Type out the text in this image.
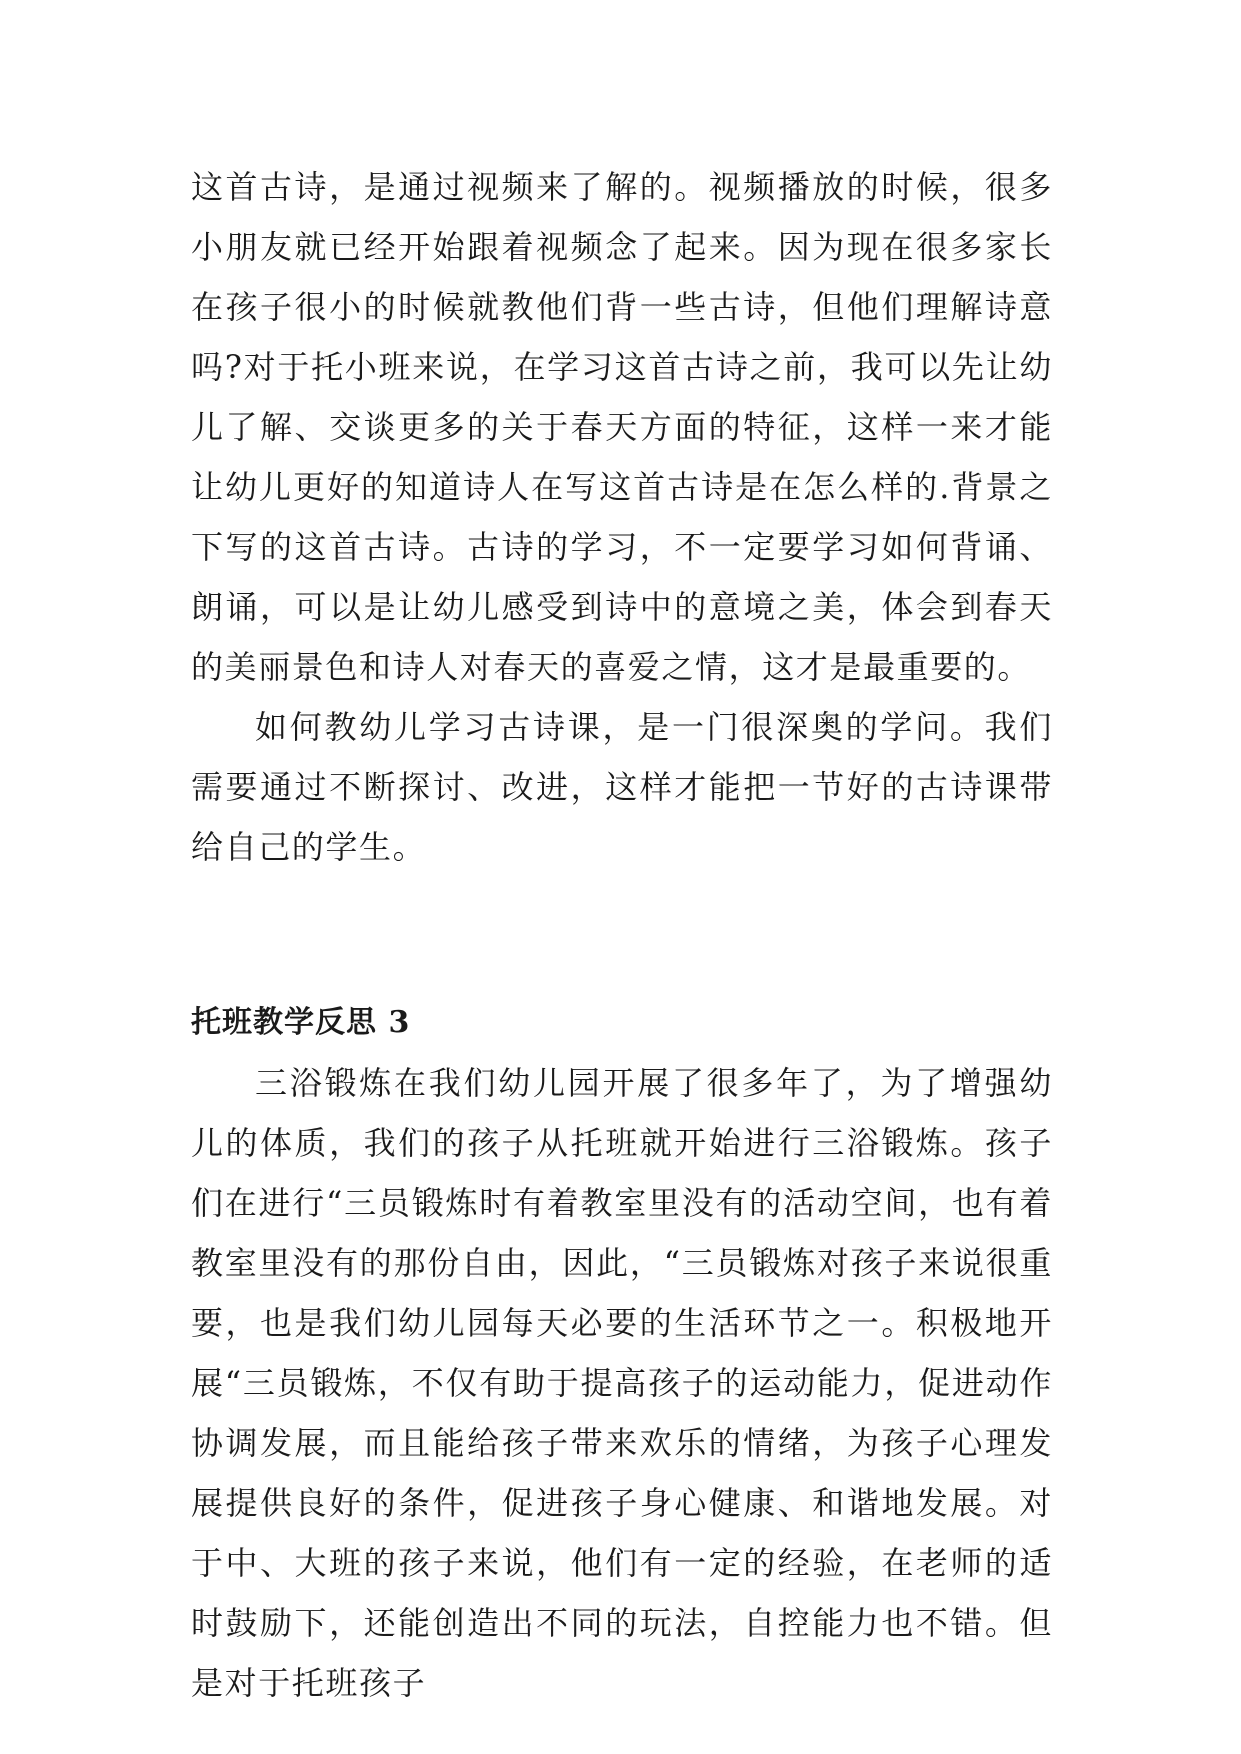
这首古诗，是通过视频来了解的。视频播放的时候，很多小朋友就已经开始跟着视频念了起来。因为现在很多家长在孩子很小的时候就教他们背一些古诗，但他们理解诗意吗?对于托小班来说，在学习这首古诗之前，我可以先让幼儿了解、交谈更多的关于春天方面的特征，这样一来才能让幼儿更好的知道诗人在写这首古诗是在怎么样的.背景之下写的这首古诗。古诗的学习，不一定要学习如何背诵、朗诵，可以是让幼儿感受到诗中的意境之美，体会到春天的美丽景色和诗人对春天的喜爱之情，这才是最重要的。

如何教幼儿学习古诗课，是一门很深奥的学问。我们需要通过不断探讨、改进，这样才能把一节好的古诗课带给自己的学生。

托班教学反思 3

三浴锻炼在我们幼儿园开展了很多年了，为了增强幼儿的体质，我们的孩子从托班就开始进行三浴锻炼。孩子们在进行“三员锻炼时有着教室里没有的活动空间，也有着教室里没有的那份自由，因此，“三员锻炼对孩子来说很重要，也是我们幼儿园每天必要的生活环节之一。积极地开展“三员锻炼，不仅有助于提高孩子的运动能力，促进动作协调发展，而且能给孩子带来欢乐的情绪，为孩子心理发展提供良好的条件，促进孩子身心健康、和谐地发展。对于中、大班的孩子来说，他们有一定的经验，在老师的适时鼓励下，还能创造出不同的玩法，自控能力也不错。但是对于托班孩子
